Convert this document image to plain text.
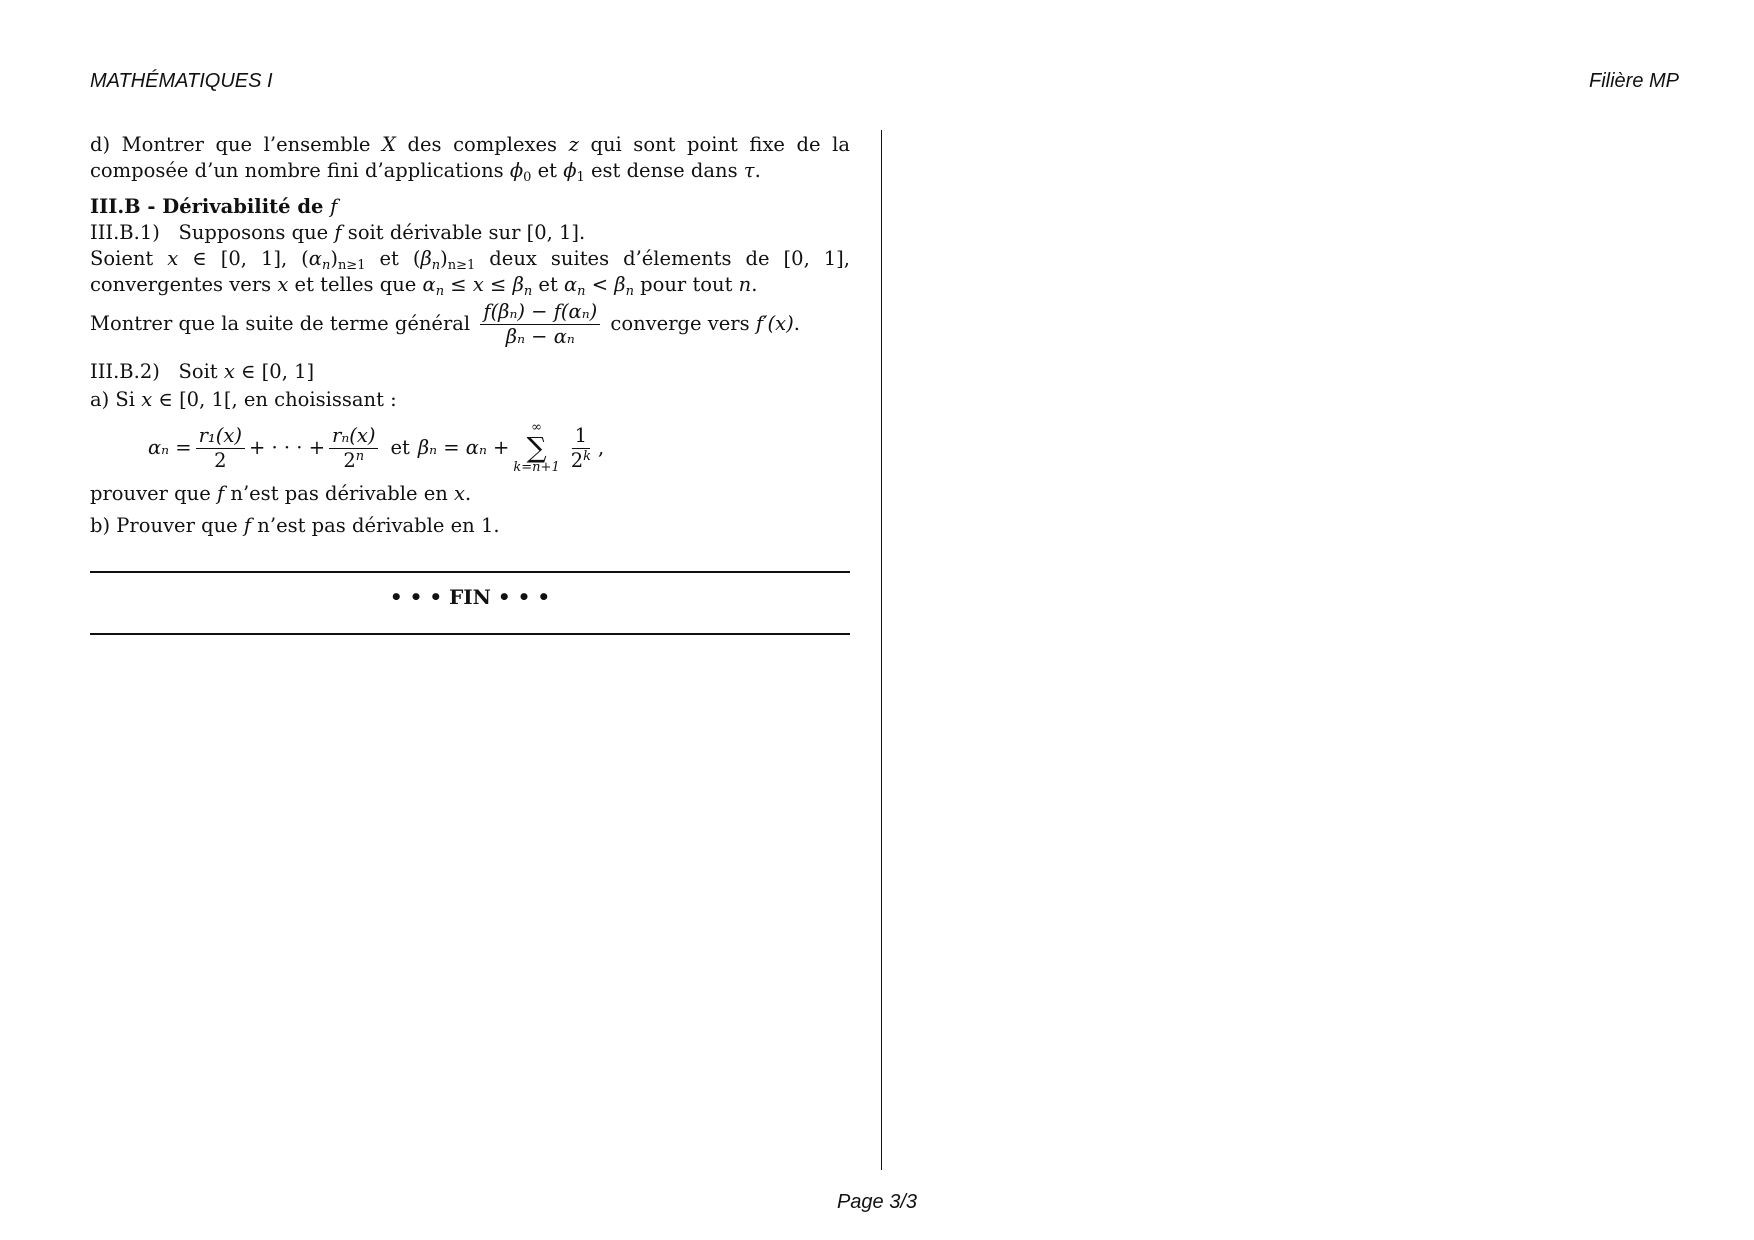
MATHÉMATIQUES I	Filière MP

d) Montrer que l’ensemble X des complexes z qui sont point fixe de la composée d’un nombre fini d’applications $\phi_0$ et $\phi_1$ est dense dans τ.

III.B - Dérivabilité de f

III.B.1) Supposons que f soit dérivable sur [0, 1].
Soient x ∈ [0, 1], $(\alpha_n)_{n\ge 1}$ et $(\beta_n)_{n\ge 1}$ deux suites d’élements de [0, 1], convergentes vers x et telles que $\alpha_n \le x \le \beta_n$ et $\alpha_n < \beta_n$ pour tout n.

Montrer que la suite de terme général $\frac{\text{f(βₙ) − f(αₙ)}}{\text{βₙ − αₙ}}$ converge vers f′(x).

III.B.2) Soit x ∈ [0, 1]

a) Si x ∈ [0, 1[, en choisissant :

$\alpha_n = \frac{\text{r₁(x)}}{2}$ + · · · + $\frac{\text{rₙ(x)}}{2^n}$ et βₙ = αₙ +
∞
∑
$k=n+1 \frac{1}{2^k}$ ,

prouver que f n’est pas dérivable en x.

b) Prouver que f n’est pas dérivable en 1.

• • • FIN • • •
Page 3/3
